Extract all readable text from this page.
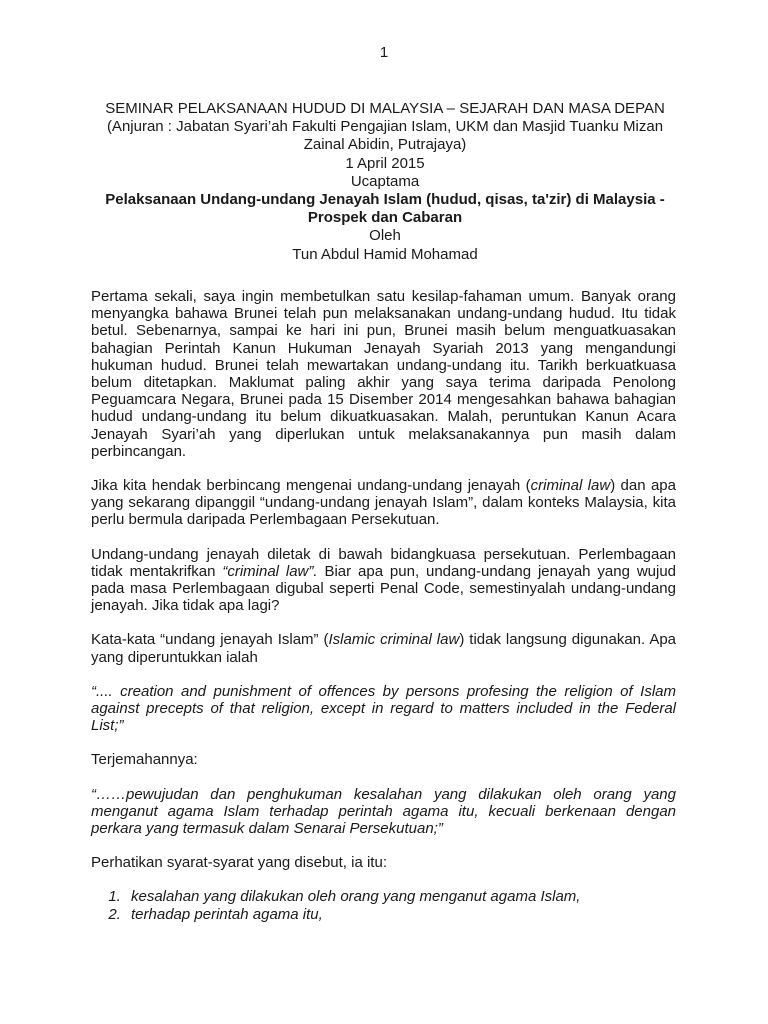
1
SEMINAR PELAKSANAAN HUDUD DI MALAYSIA – SEJARAH DAN MASA DEPAN
(Anjuran : Jabatan Syari’ah Fakulti Pengajian Islam, UKM dan Masjid Tuanku Mizan
Zainal Abidin, Putrajaya)
1 April 2015
Ucaptama
Pelaksanaan Undang-undang Jenayah Islam (hudud, qisas, ta'zir) di Malaysia -
Prospek dan Cabaran
Oleh
Tun Abdul Hamid Mohamad

Pertama sekali, saya ingin membetulkan satu kesilap-fahaman umum. Banyak orang menyangka bahawa Brunei telah pun melaksanakan undang-undang hudud. Itu tidak betul. Sebenarnya, sampai ke hari ini pun, Brunei masih belum menguatkuasakan bahagian Perintah Kanun Hukuman Jenayah Syariah 2013 yang mengandungi hukuman hudud. Brunei telah mewartakan undang-undang itu. Tarikh berkuatkuasa belum ditetapkan. Maklumat paling akhir yang saya terima daripada Penolong Peguamcara Negara, Brunei pada 15 Disember 2014 mengesahkan bahawa bahagian hudud undang-undang itu belum dikuatkuasakan. Malah, peruntukan Kanun Acara Jenayah Syari’ah yang diperlukan untuk melaksanakannya pun masih dalam perbincangan.

Jika kita hendak berbincang mengenai undang-undang jenayah (criminal law) dan apa yang sekarang dipanggil “undang-undang jenayah Islam”, dalam konteks Malaysia, kita perlu bermula daripada Perlembagaan Persekutuan.

Undang-undang jenayah diletak di bawah bidangkuasa persekutuan. Perlembagaan tidak mentakrifkan “criminal law”. Biar apa pun, undang-undang jenayah yang wujud pada masa Perlembagaan digubal seperti Penal Code, semestinyalah undang-undang jenayah. Jika tidak apa lagi?

Kata-kata “undang jenayah Islam” (Islamic criminal law) tidak langsung digunakan. Apa yang diperuntukkan ialah

“.... creation and punishment of offences by persons profesing the religion of Islam against precepts of that religion, except in regard to matters included in the Federal List;”

Terjemahannya:

“……pewujudan dan penghukuman kesalahan yang dilakukan oleh orang yang menganut agama Islam terhadap perintah agama itu, kecuali berkenaan dengan perkara yang termasuk dalam Senarai Persekutuan;”

Perhatikan syarat-syarat yang disebut, ia itu:

1. kesalahan yang dilakukan oleh orang yang menganut agama Islam,
2. terhadap perintah agama itu,
